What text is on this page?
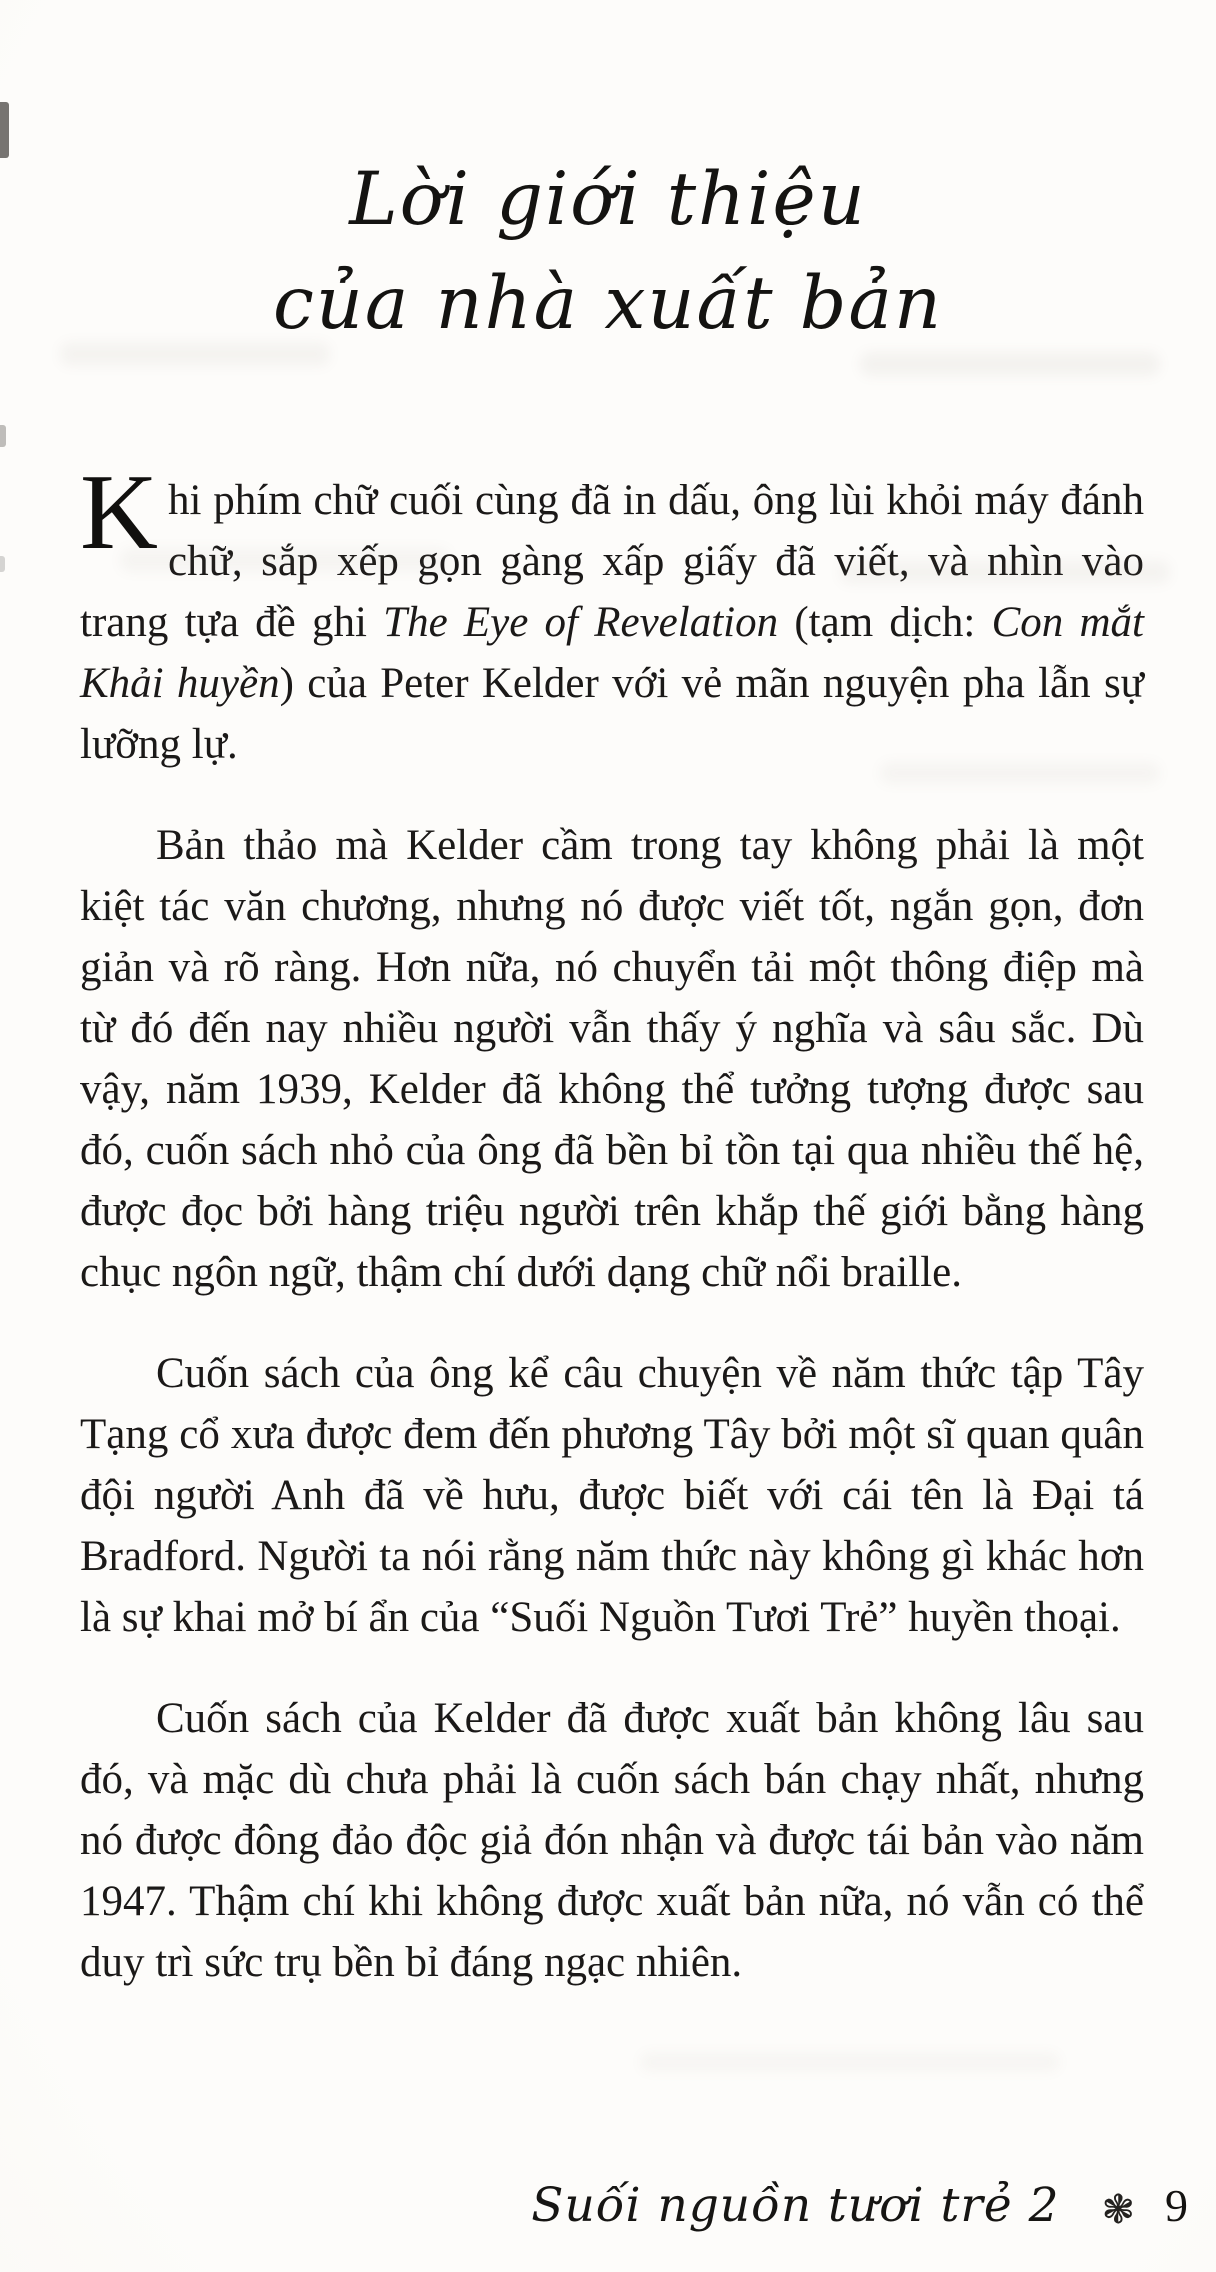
Lời giới thiệu
của nhà xuất bản

Khi phím chữ cuối cùng đã in dấu, ông lùi khỏi máy đánh chữ, sắp xếp gọn gàng xấp giấy đã viết, và nhìn vào trang tựa đề ghi The Eye of Revelation (tạm dịch: Con mắt Khải huyền) của Peter Kelder với vẻ mãn nguyện pha lẫn sự lưỡng lự.

Bản thảo mà Kelder cầm trong tay không phải là một kiệt tác văn chương, nhưng nó được viết tốt, ngắn gọn, đơn giản và rõ ràng. Hơn nữa, nó chuyển tải một thông điệp mà từ đó đến nay nhiều người vẫn thấy ý nghĩa và sâu sắc. Dù vậy, năm 1939, Kelder đã không thể tưởng tượng được sau đó, cuốn sách nhỏ của ông đã bền bỉ tồn tại qua nhiều thế hệ, được đọc bởi hàng triệu người trên khắp thế giới bằng hàng chục ngôn ngữ, thậm chí dưới dạng chữ nổi braille.

Cuốn sách của ông kể câu chuyện về năm thức tập Tây Tạng cổ xưa được đem đến phương Tây bởi một sĩ quan quân đội người Anh đã về hưu, được biết với cái tên là Đại tá Bradford. Người ta nói rằng năm thức này không gì khác hơn là sự khai mở bí ẩn của “Suối Nguồn Tươi Trẻ” huyền thoại.

Cuốn sách của Kelder đã được xuất bản không lâu sau đó, và mặc dù chưa phải là cuốn sách bán chạy nhất, nhưng nó được đông đảo độc giả đón nhận và được tái bản vào năm 1947. Thậm chí khi không được xuất bản nữa, nó vẫn có thể duy trì sức trụ bền bỉ đáng ngạc nhiên.

Suối nguồn tươi trẻ 2 ❃ 9
